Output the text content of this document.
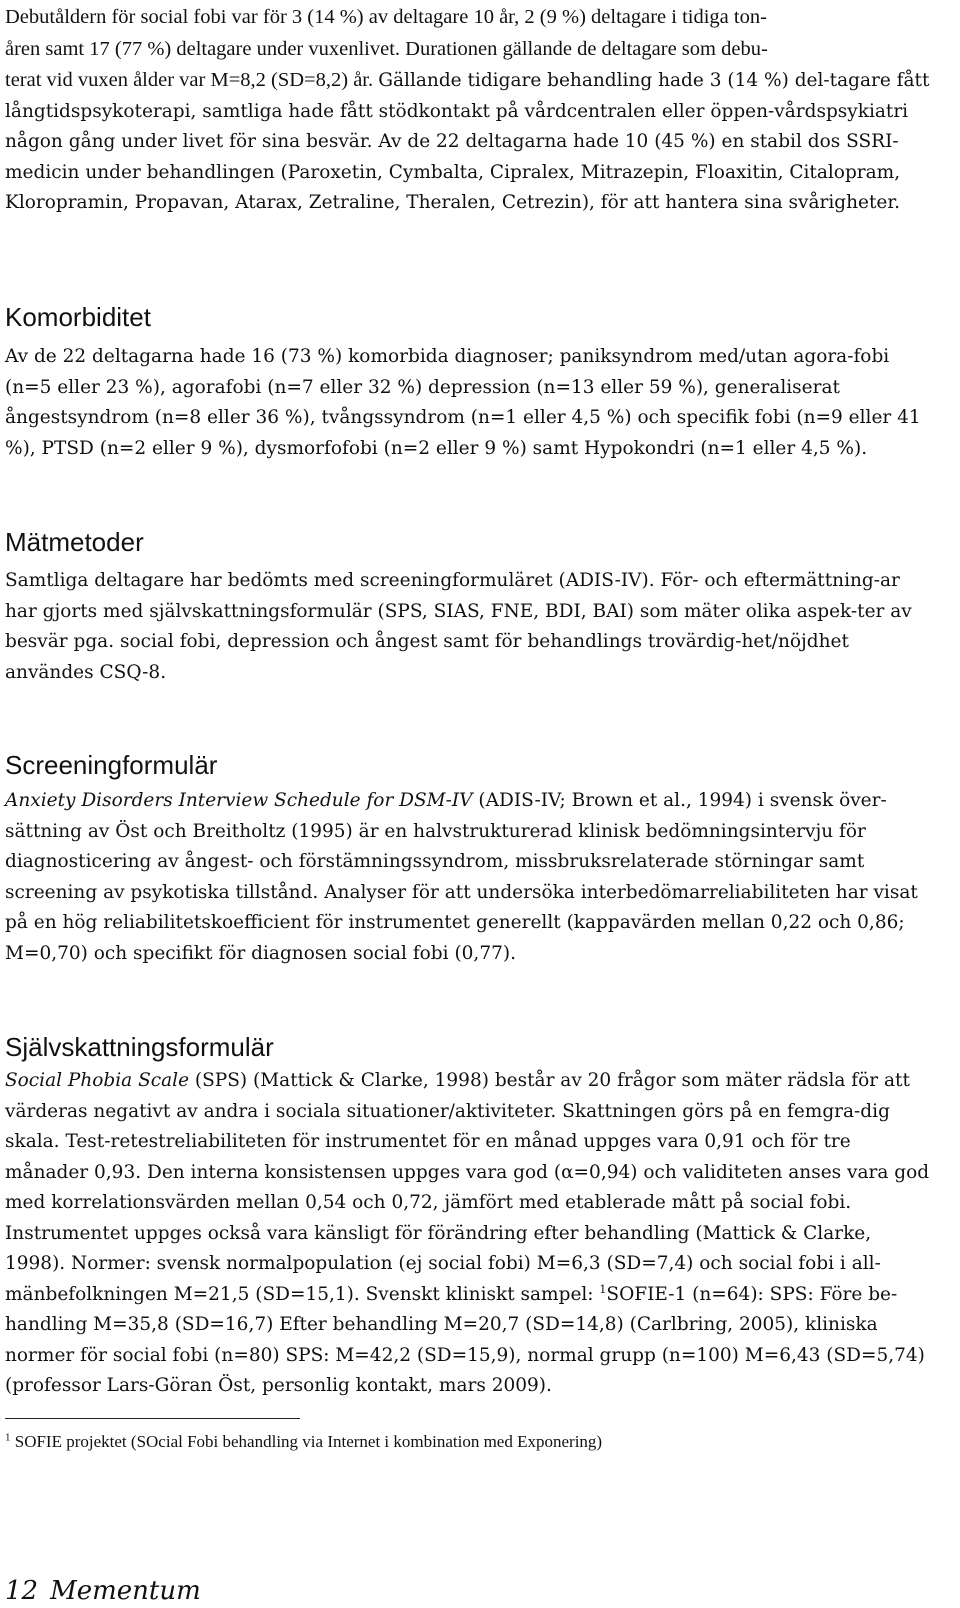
Debutåldern för social fobi var för 3 (14 %) av deltagare 10 år, 2 (9 %) deltagare i tidiga ton-
åren samt 17 (77 %) deltagare under vuxenlivet. Durationen gällande de deltagare som debu-
terat vid vuxen ålder var M=8,2 (SD=8,2) år. Gällande tidigare behandling hade 3 (14 %) del-tagare fått långtidspsykoterapi, samtliga hade fått stödkontakt på vårdcentralen eller öppen-vårdspsykiatri någon gång under livet för sina besvär. Av de 22 deltagarna hade 10 (45 %) en stabil dos SSRI-medicin under behandlingen (Paroxetin, Cymbalta, Cipralex, Mitrazepin, Floaxitin, Citalopram, Kloropramin, Propavan, Atarax, Zetraline, Theralen, Cetrezin), för att hantera sina svårigheter.

Komorbiditet

Av de 22 deltagarna hade 16 (73 %) komorbida diagnoser; paniksyndrom med/utan agora-fobi (n=5 eller 23 %), agorafobi (n=7 eller 32 %) depression (n=13 eller 59 %), generaliserat ångestsyndrom (n=8 eller 36 %), tvångssyndrom (n=1 eller 4,5 %) och specifik fobi (n=9 eller 41 %), PTSD (n=2 eller 9 %), dysmorfofobi (n=2 eller 9 %) samt Hypokondri (n=1 eller 4,5 %).

Mätmetoder

Samtliga deltagare har bedömts med screeningformuläret (ADIS-IV). För- och eftermättning-ar har gjorts med självskattningsformulär (SPS, SIAS, FNE, BDI, BAI) som mäter olika aspek-ter av besvär pga. social fobi, depression och ångest samt för behandlings trovärdig-het/nöjdhet användes CSQ-8.

Screeningformulär

Anxiety Disorders Interview Schedule for DSM-IV (ADIS-IV; Brown et al., 1994) i svensk över-sättning av Öst och Breitholtz (1995) är en halvstrukturerad klinisk bedömningsintervju för diagnosticering av ångest- och förstämningssyndrom, missbruksrelaterade störningar samt screening av psykotiska tillstånd. Analyser för att undersöka interbedömarreliabiliteten har visat på en hög reliabilitetskoefficient för instrumentet generellt (kappavärden mellan 0,22 och 0,86; M=0,70) och specifikt för diagnosen social fobi (0,77).

Självskattningsformulär

Social Phobia Scale (SPS) (Mattick & Clarke, 1998) består av 20 frågor som mäter rädsla för att värderas negativt av andra i sociala situationer/aktiviteter. Skattningen görs på en femgra-dig skala. Test-retestreliabiliteten för instrumentet för en månad uppges vara 0,91 och för tre månader 0,93. Den interna konsistensen uppges vara god (α=0,94) och validiteten anses vara god med korrelationsvärden mellan 0,54 och 0,72, jämfört med etablerade mått på social fobi. Instrumentet uppges också vara känsligt för förändring efter behandling (Mattick & Clarke, 1998). Normer: svensk normalpopulation (ej social fobi) M=6,3 (SD=7,4) och social fobi i all-mänbefolkningen M=21,5 (SD=15,1). Svenskt kliniskt sampel: $^1$SOFIE-1 (n=64): SPS: Före be-handling M=35,8 (SD=16,7) Efter behandling M=20,7 (SD=14,8) (Carlbring, 2005), kliniska normer för social fobi (n=80) SPS: M=42,2 (SD=15,9), normal grupp (n=100) M=6,43 (SD=5,74) (professor Lars-Göran Öst, personlig kontakt, mars 2009).

$^1$ SOFIE projektet (SOcial Fobi behandling via Internet i kombination med Exponering)

12 Mementum
